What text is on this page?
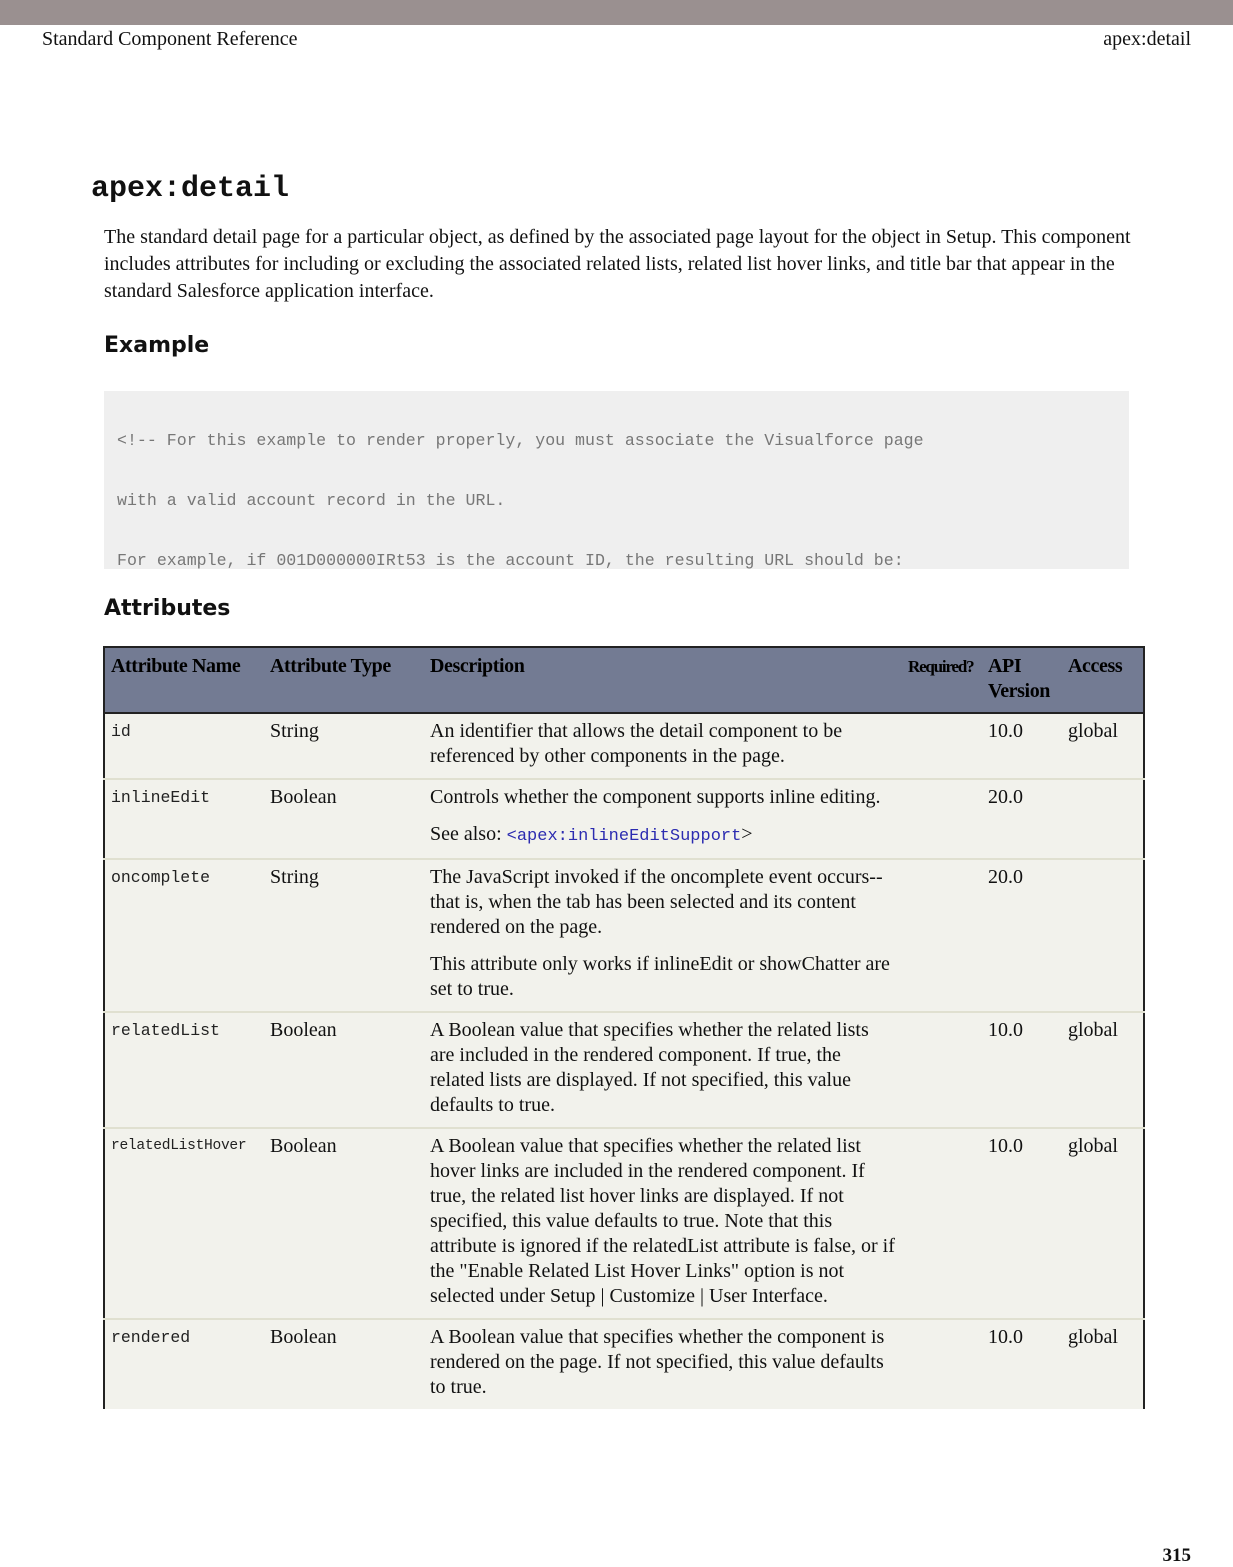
Standard Component Reference	apex:detail
apex:detail

The standard detail page for a particular object, as defined by the associated page layout for the object in Setup. This component includes attributes for including or excluding the associated related lists, related list hover links, and title bar that appear in the standard Salesforce application interface.

Example

<!-- For this example to render properly, you must associate the Visualforce page

with a valid account record in the URL.

For example, if 001D000000IRt53 is the account ID, the resulting URL should be:

Attributes
Attribute Name	Attribute Type	Description	Required?	API Version	Access
id	String	An identifier that allows the detail component to be referenced by other components in the page.		10.0	global
inlineEdit	Boolean	Controls whether the component supports inline editing.

See also: <apex:inlineEditSupport>		20.0	
oncomplete	String	The JavaScript invoked if the oncomplete event occurs--that is, when the tab has been selected and its content rendered on the page.

This attribute only works if inlineEdit or showChatter are set to true.		20.0	
relatedList	Boolean	A Boolean value that specifies whether the related lists are included in the rendered component. If true, the related lists are displayed. If not specified, this value defaults to true.		10.0	global
relatedListHover	Boolean	A Boolean value that specifies whether the related list hover links are included in the rendered component. If true, the related list hover links are displayed. If not specified, this value defaults to true. Note that this attribute is ignored if the relatedList attribute is false, or if the "Enable Related List Hover Links" option is not selected under Setup | Customize | User Interface.		10.0	global
rendered	Boolean	A Boolean value that specifies whether the component is rendered on the page. If not specified, this value defaults to true.		10.0	global
315
